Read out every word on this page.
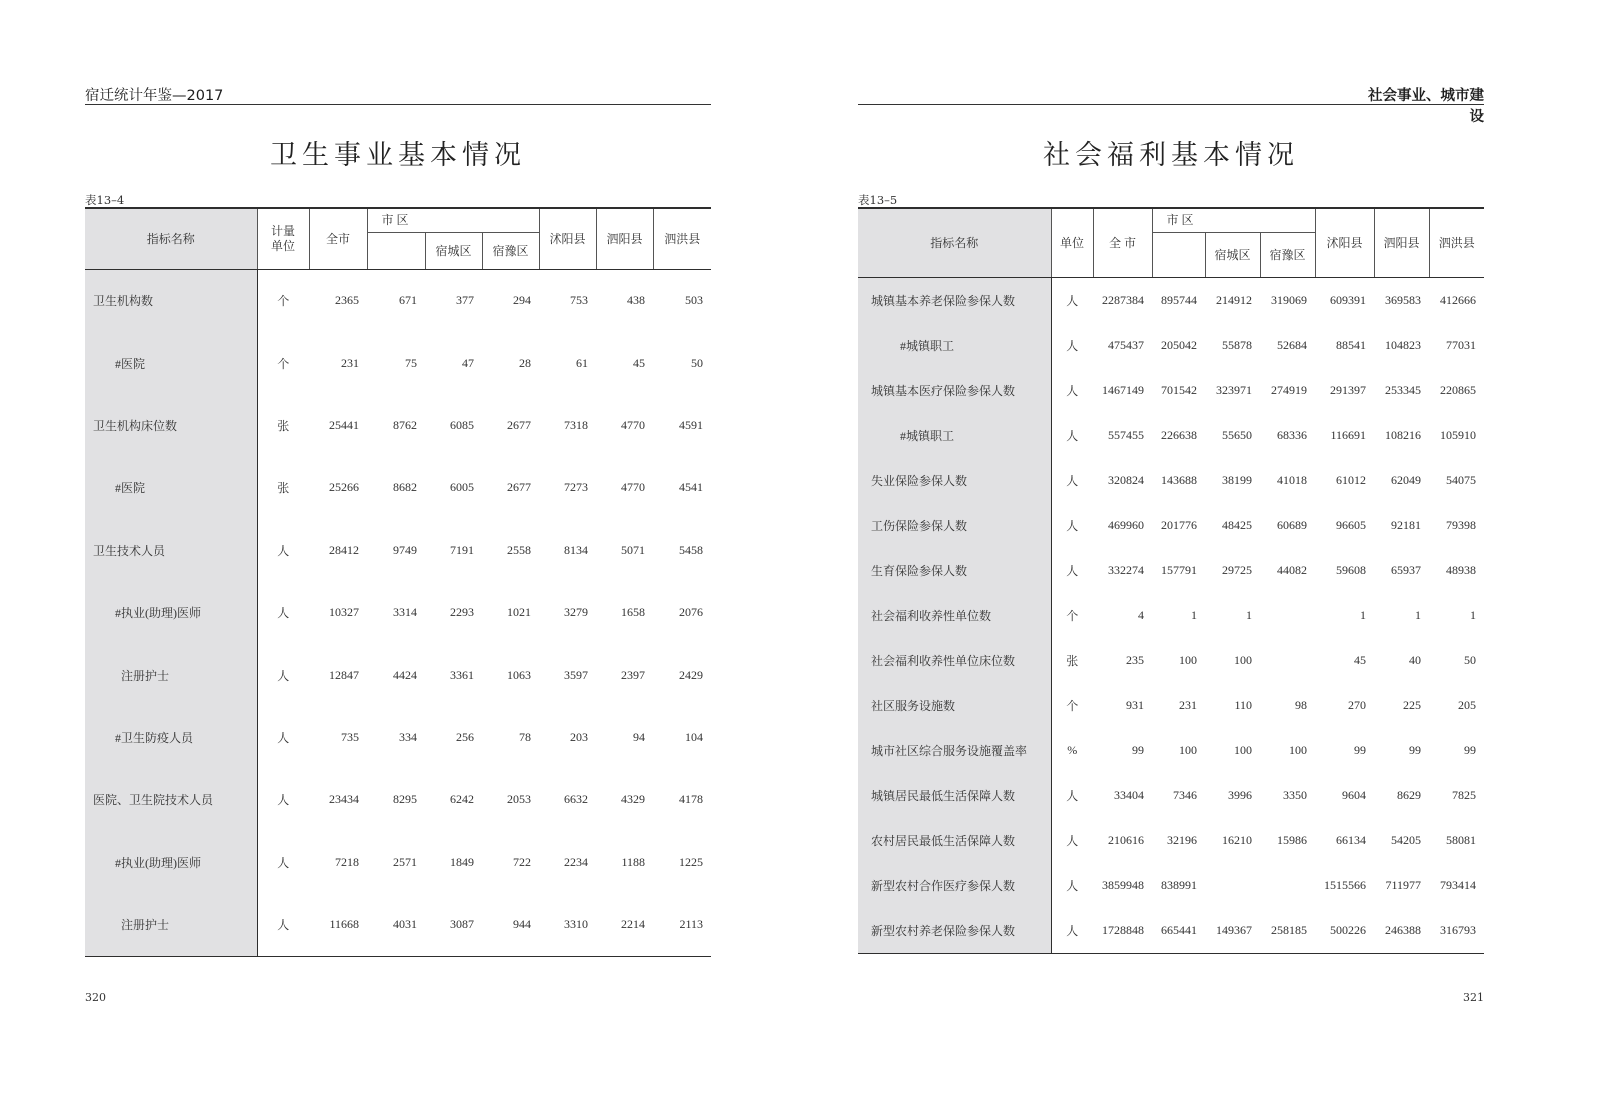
宿迁统计年鉴—2017
卫生事业基本情况
表13–4
指标名称	计量单位	全市	市 区			沭阳县	泗阳县	泗洪县
				宿城区	宿豫区			
卫生机构数	个	2365	671	377	294	753	438	503
#医院	个	231	75	47	28	61	45	50
卫生机构床位数	张	25441	8762	6085	2677	7318	4770	4591
#医院	张	25266	8682	6005	2677	7273	4770	4541
卫生技术人员	人	28412	9749	7191	2558	8134	5071	5458
#执业(助理)医师	人	10327	3314	2293	1021	3279	1658	2076
注册护士	人	12847	4424	3361	1063	3597	2397	2429
#卫生防疫人员	人	735	334	256	78	203	94	104
医院、卫生院技术人员	人	23434	8295	6242	2053	6632	4329	4178
#执业(助理)医师	人	7218	2571	1849	722	2234	1188	1225
注册护士	人	11668	4031	3087	944	3310	2214	2113
320
社会事业、城市建设
社会福利基本情况
表13–5
321
指标名称	单位	全 市	市 区			沭阳县	泗阳县	泗洪县
				宿城区	宿豫区			
城镇基本养老保险参保人数	人	2287384	895744	214912	319069	609391	369583	412666
#城镇职工	人	475437	205042	55878	52684	88541	104823	77031
城镇基本医疗保险参保人数	人	1467149	701542	323971	274919	291397	253345	220865
#城镇职工	人	557455	226638	55650	68336	116691	108216	105910
失业保险参保人数	人	320824	143688	38199	41018	61012	62049	54075
工伤保险参保人数	人	469960	201776	48425	60689	96605	92181	79398
生育保险参保人数	人	332274	157791	29725	44082	59608	65937	48938
社会福利收养性单位数	个	4	1	1		1	1	1
社会福利收养性单位床位数	张	235	100	100		45	40	50
社区服务设施数	个	931	231	110	98	270	225	205
城市社区综合服务设施覆盖率	%	99	100	100	100	99	99	99
城镇居民最低生活保障人数	人	33404	7346	3996	3350	9604	8629	7825
农村居民最低生活保障人数	人	210616	32196	16210	15986	66134	54205	58081
新型农村合作医疗参保人数	人	3859948	838991			1515566	711977	793414
新型农村养老保险参保人数	人	1728848	665441	149367	258185	500226	246388	316793
